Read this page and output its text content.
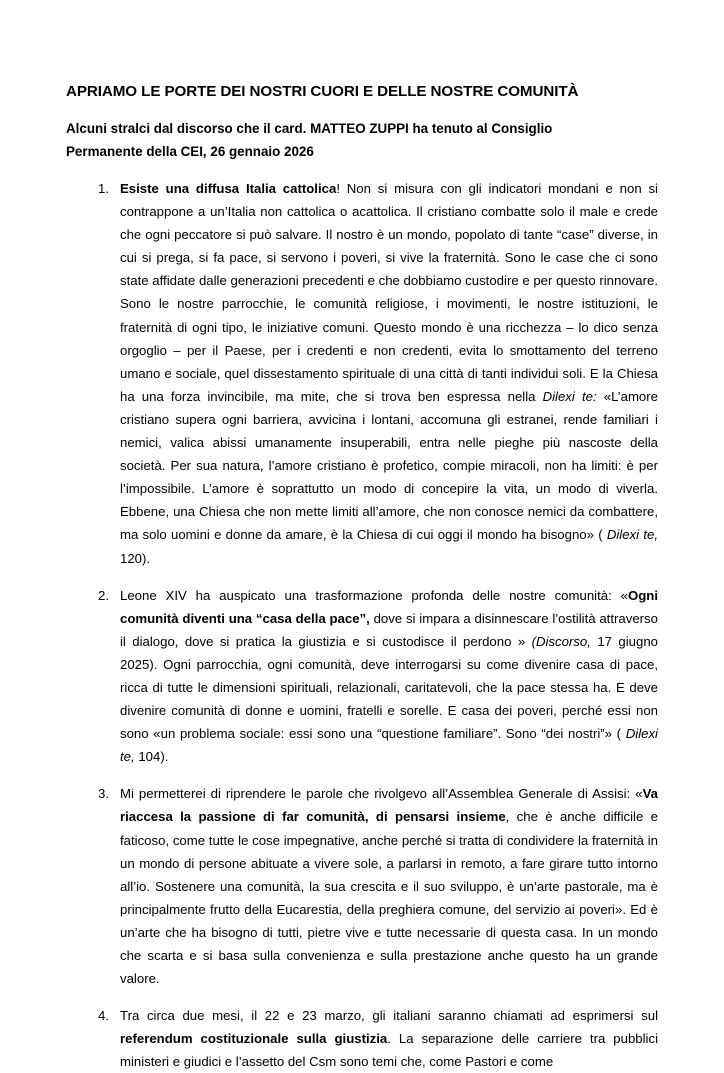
APRIAMO LE PORTE DEI NOSTRI CUORI E DELLE NOSTRE COMUNITÀ
Alcuni stralci dal discorso che il card. MATTEO ZUPPI ha tenuto al Consiglio
Permanente della CEI, 26 gennaio 2026
Esiste una diffusa Italia cattolica! Non si misura con gli indicatori mondani e non si contrappone a un’Italia non cattolica o acattolica. Il cristiano combatte solo il male e crede che ogni peccatore si può salvare. Il nostro è un mondo, popolato di tante “case” diverse, in cui si prega, si fa pace, si servono i poveri, si vive la fraternità. Sono le case che ci sono state affidate dalle generazioni precedenti e che dobbiamo custodire e per questo rinnovare. Sono le nostre parrocchie, le comunità religiose, i movimenti, le nostre istituzioni, le fraternità di ogni tipo, le iniziative comuni. Questo mondo è una ricchezza – lo dico senza orgoglio – per il Paese, per i credenti e non credenti, evita lo smottamento del terreno umano e sociale, quel dissestamento spirituale di una città di tanti individui soli. E la Chiesa ha una forza invincibile, ma mite, che si trova ben espressa nella Dilexi te: «L’amore cristiano supera ogni barriera, avvicina i lontani, accomuna gli estranei, rende familiari i nemici, valica abissi umanamente insuperabili, entra nelle pieghe più nascoste della società. Per sua natura, l’amore cristiano è profetico, compie miracoli, non ha limiti: è per l’impossibile. L’amore è soprattutto un modo di concepire la vita, un modo di viverla. Ebbene, una Chiesa che non mette limiti all’amore, che non conosce nemici da combattere, ma solo uomini e donne da amare, è la Chiesa di cui oggi il mondo ha bisogno» ( Dilexi te, 120).
Leone XIV ha auspicato una trasformazione profonda delle nostre comunità: «Ogni comunità diventi una “casa della pace”, dove si impara a disinnescare l’ostilità attraverso il dialogo, dove si pratica la giustizia e si custodisce il perdono » (Discorso, 17 giugno 2025). Ogni parrocchia, ogni comunità, deve interrogarsi su come divenire casa di pace, ricca di tutte le dimensioni spirituali, relazionali, caritatevoli, che la pace stessa ha. E deve divenire comunità di donne e uomini, fratelli e sorelle. E casa dei poveri, perché essi non sono «un problema sociale: essi sono una “questione familiare”. Sono “dei nostri”» ( Dilexi te, 104).
Mi permetterei di riprendere le parole che rivolgevo all’Assemblea Generale di Assisi: «Va riaccesa la passione di far comunità, di pensarsi insieme, che è anche difficile e faticoso, come tutte le cose impegnative, anche perché si tratta di condividere la fraternità in un mondo di persone abituate a vivere sole, a parlarsi in remoto, a fare girare tutto intorno all’io. Sostenere una comunità, la sua crescita e il suo sviluppo, è un’arte pastorale, ma è principalmente frutto della Eucarestia, della preghiera comune, del servizio ai poveri». Ed è un’arte che ha bisogno di tutti, pietre vive e tutte necessarie di questa casa. In un mondo che scarta e si basa sulla convenienza e sulla prestazione anche questo ha un grande valore.
Tra circa due mesi, il 22 e 23 marzo, gli italiani saranno chiamati ad esprimersi sul referendum costituzionale sulla giustizia. La separazione delle carriere tra pubblici ministeri e giudici e l’assetto del Csm sono temi che, come Pastori e come
